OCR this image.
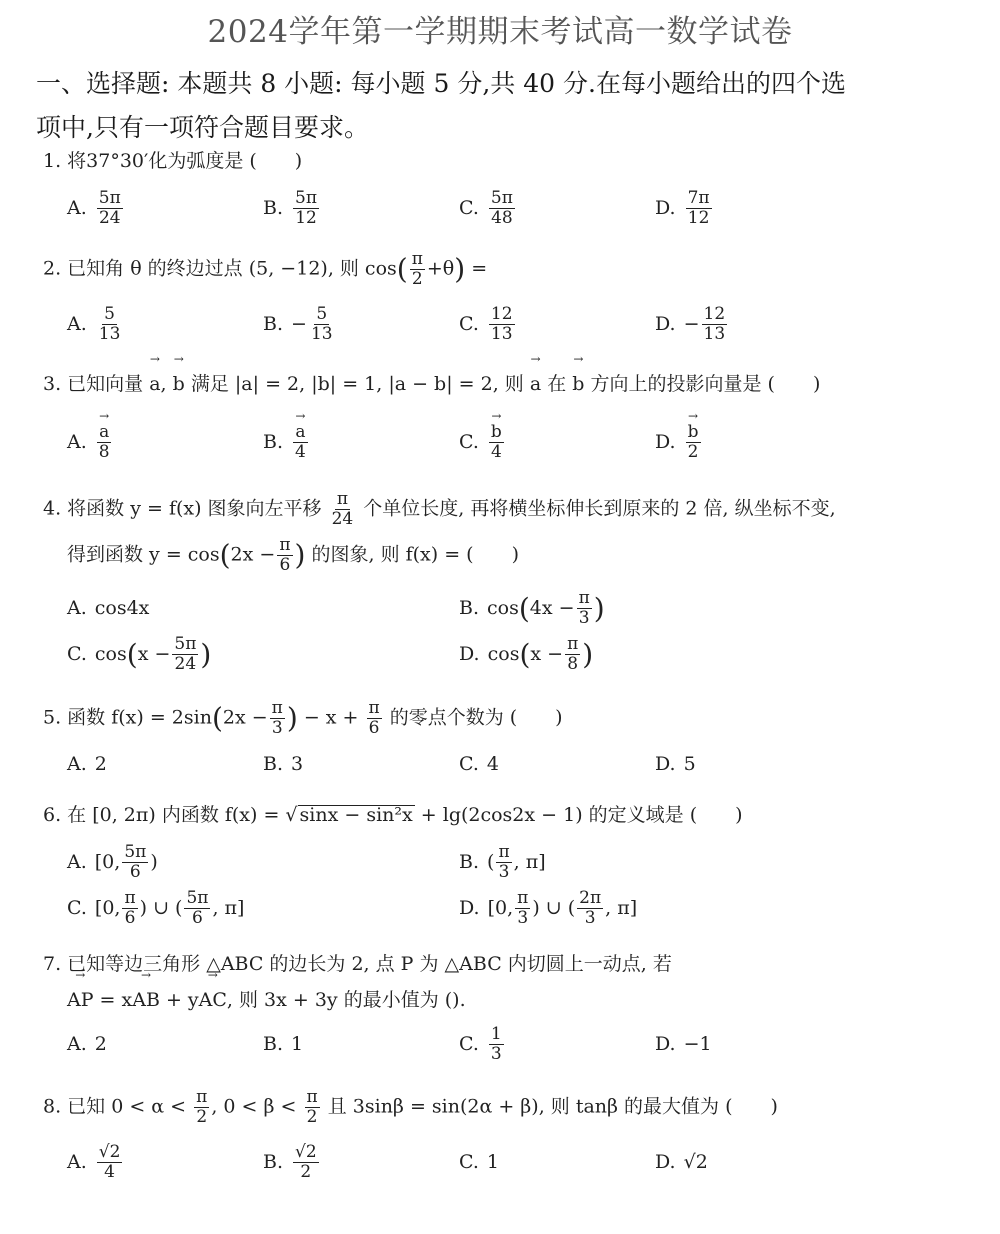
2024学年第一学期期末考试高一数学试卷
一、选择题: 本题共 8 小题: 每小题 5 分,共 40 分.在每小题给出的四个选
项中,只有一项符合题目要求。
1. 将37°30′化为弧度是 (　　)
A. $\frac{5\pi}{24}$	B. $\frac{5\pi}{12}$	C. $\frac{5\pi}{48}$	D. $\frac{7\pi}{12}$
2. 已知角 θ 的终边过点 (5, −12), 则 $\cos( \frac{\pi}{2} +\theta)$ =
A. $\frac{5}{13}$	B. − $\frac{5}{13}$	C. $\frac{12}{13}$	D. − $\frac{12}{13}$
3. 已知向量 → a, → b 满足 |a| = 2, |b| = 1, |a − b| = 2, 则 → a 在 → b 方向上的投影向量是 (　　)
A. → $\frac{a}{8}$	B. → $\frac{a}{4}$	C. → $\frac{b}{4}$	D. → $\frac{b}{2}$
4. 将函数 y = f(x) 图象向左平移 $\frac{\pi}{24}$ 个单位长度, 再将横坐标伸长到原来的 2 倍, 纵坐标不变,
得到函数 $y = \cos(2x - \frac{\pi}{6}$ ) 的图象, 则 f(x) = (　　)
A. cos4x	B. cos ( $4x - \frac{\pi}{3}$ )
C. cos ( $x - \frac{5\pi}{24}$ )	D. cos ( $x - \frac{\pi}{8}$ )
5. 函数 $f(x) = 2\sin(2x - \frac{\pi}{3}$ ) − $x + \frac{\pi}{6}$ 的零点个数为 (　　)
A. 2	B. 3	C. 4	D. 5
6. 在 [0, 2π) 内函数 f(x) = √ sinx − sin²x + lg(2cos2x − 1) 的定义域是 (　　)
A. [0, $\frac{5\pi}{6}$ )	B. ( $\frac{\pi}{3}$ , π]
C. [0, $\frac{\pi}{6}$ ) ∪ ( $\frac{5\pi}{6}$ , π]	D. [0, $\frac{\pi}{3}$ ) ∪ ( $\frac{2\pi}{3}$ , π]
7. 已知等边三角形 △ABC 的边长为 2, 点 P 为 △ABC 内切圆上一动点, 若
→ AP = x→ AB + y→ AC, 则 3x + 3y 的最小值为 ().
A. 2	B. 1	C. $\frac{1}{3}$	D. −1
8. 已知 $0 < \alpha < \frac{\pi}{2}$ , $0 < \beta < \frac{\pi}{2}$ 且 3sinβ = sin(2α + β), 则 tanβ 的最大值为 (　　)
A. $\frac{√2}{4}$	B. $\frac{√2}{2}$	C. 1	D. √2
